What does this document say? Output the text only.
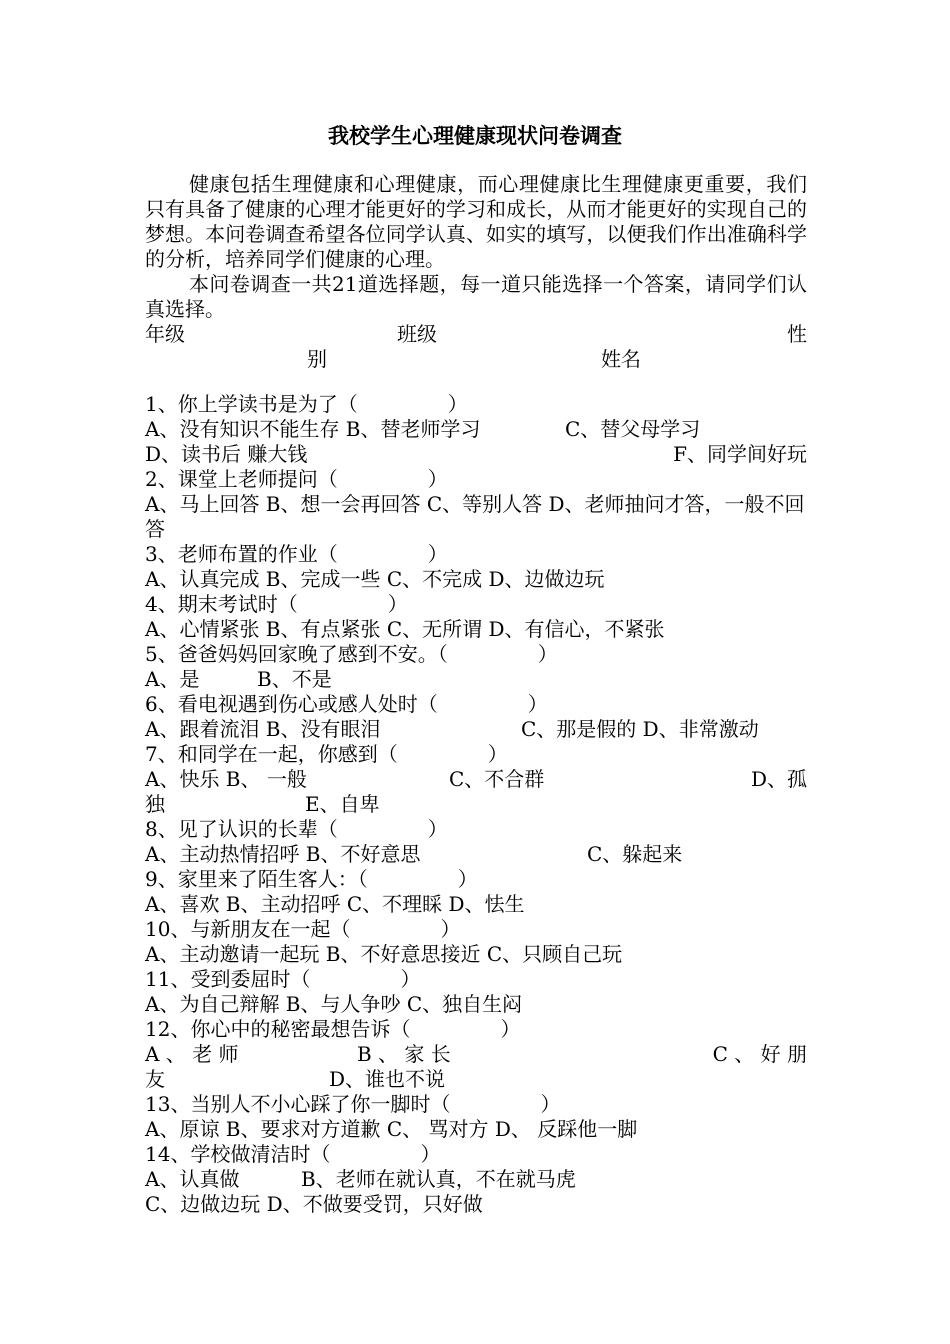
我校学生心理健康现状问卷调查

健康包括生理健康和心理健康，而心理健康比生理健康更重要，我们只有具备了健康的心理才能更好的学习和成长，从而才能更好的实现自己的梦想。本问卷调查希望各位同学认真、如实的填写，以便我们作出准确科学的分析，培养同学们健康的心理。

本问卷调查一共21道选择题，每一道只能选择一个答案，请同学们认真选择。

年级	班级	性
别	姓名
1、你上学读书是为了（	）
A、没有知识不能生存 B、替老师学习	C、替父母学习
D、读书后 赚大钱	F、同学间好玩
2、课堂上老师提问（	）
A、马上回答 B、想一会再回答 C、等别人答 D、老师抽问才答，一般不回答
3、老师布置的作业（	）
A、认真完成 B、完成一些 C、不完成 D、边做边玩
4、期末考试时（	）
A、心情紧张 B、有点紧张 C、无所谓 D、有信心，不紧张
5、爸爸妈妈回家晚了感到不安。（	）
A、是	B、不是
6、看电视遇到伤心或感人处时（	）
A、跟着流泪 B、没有眼泪	C、那是假的 D、非常激动
7、和同学在一起，你感到（	）
A、快乐 B、 一般	C、不合群	D、孤
独	E、自卑
8、见了认识的长辈（	）
A、主动热情招呼 B、不好意思	C、躲起来
9、家里来了陌生客人：（	）
A、喜欢 B、主动招呼 C、不理睬 D、怯生
10、与新朋友在一起（	）
A、主动邀请一起玩 B、不好意思接近 C、只顾自己玩
11、受到委屈时（	）
A、为自己辩解 B、与人争吵 C、独自生闷
12、你心中的秘密最想告诉（	）
A 、 老 师	B 、 家 长	C 、 好 朋
友	D、谁也不说
13、当别人不小心踩了你一脚时（	）
A、原谅 B、要求对方道歉 C、 骂对方 D、 反踩他一脚
14、学校做清洁时（	）
A、认真做	B、老师在就认真，不在就马虎
C、边做边玩 D、不做要受罚，只好做
